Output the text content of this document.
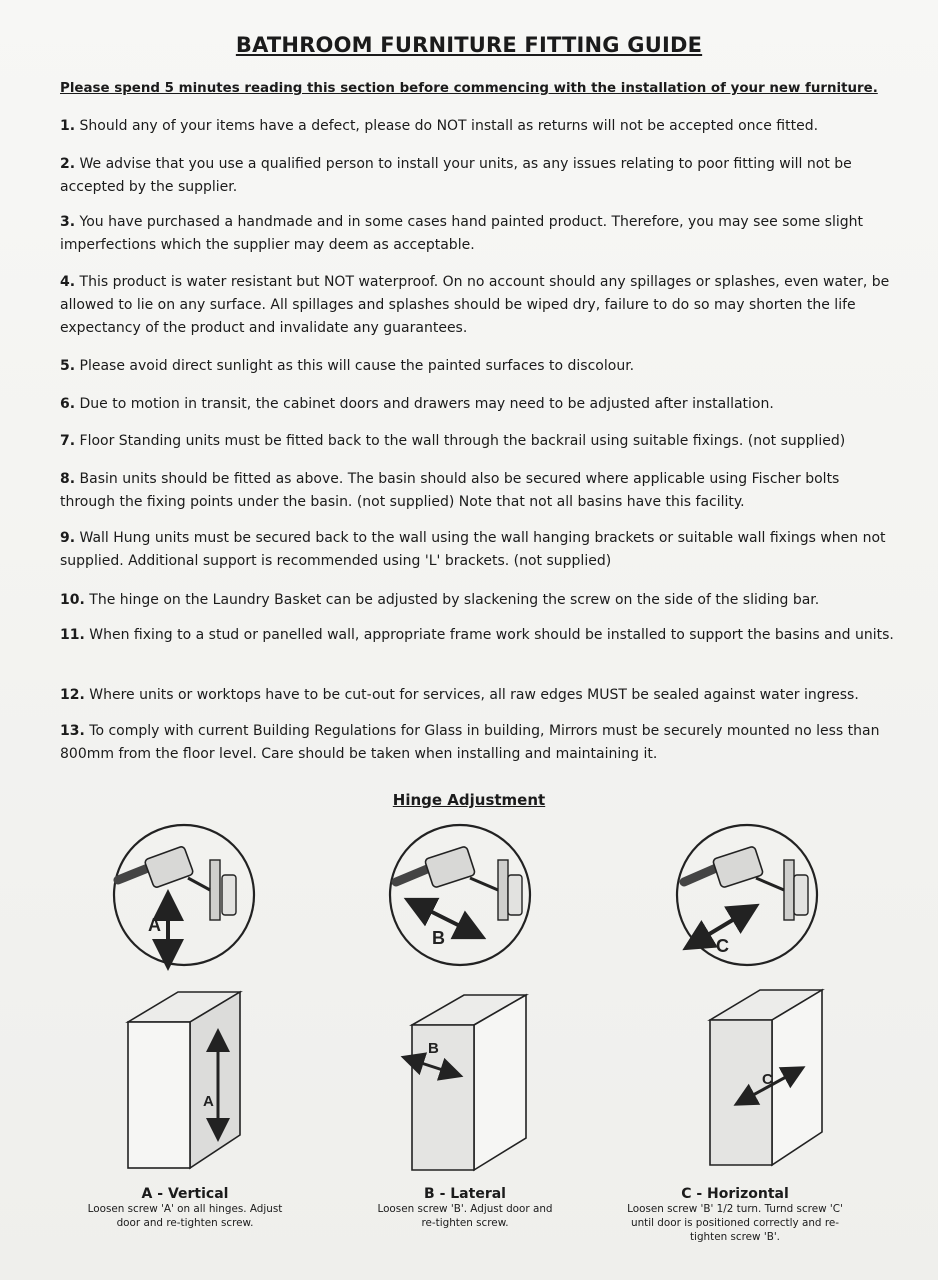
BATHROOM FURNITURE FITTING GUIDE
Please spend 5 minutes reading this section before commencing with the installation of your new furniture.
1. Should any of your items have a defect, please do NOT install as returns will not be accepted once fitted.
2. We advise that you use a qualified person to install your units, as any issues relating to poor fitting will not be accepted by the supplier.
3. You have purchased a handmade and in some cases hand painted product. Therefore, you may see some slight imperfections which the supplier may deem as acceptable.
4. This product is water resistant but NOT waterproof. On no account should any spillages or splashes, even water, be allowed to lie on any surface. All spillages and splashes should be wiped dry, failure to do so may shorten the life expectancy of the product and invalidate any guarantees.
5. Please avoid direct sunlight as this will cause the painted surfaces to discolour.
6. Due to motion in transit, the cabinet doors and drawers may need to be adjusted after installation.
7. Floor Standing units must be fitted back to the wall through the backrail using suitable fixings. (not supplied)
8. Basin units should be fitted as above. The basin should also be secured where applicable using Fischer bolts through the fixing points under the basin. (not supplied) Note that not all basins have this facility.
9. Wall Hung units must be secured back to the wall using the wall hanging brackets or suitable wall fixings when not supplied. Additional support is recommended using 'L' brackets. (not supplied)
10. The hinge on the Laundry Basket can be adjusted by slackening the screw on the side of the sliding bar.
11. When fixing to a stud or panelled wall, appropriate frame work should be installed to support the basins and units.
12. Where units or worktops have to be cut-out for services, all raw edges MUST be sealed against water ingress.
13. To comply with current Building Regulations for Glass in building, Mirrors must be securely mounted no less than 800mm from the floor level. Care should be taken when installing and maintaining it.
Hinge Adjustment
A
B	C
A
B
C
A - Vertical
Loosen screw 'A' on all hinges. Adjust door and re-tighten screw.
B - Lateral
Loosen screw 'B'. Adjust door and re-tighten screw.
C - Horizontal
Loosen screw 'B' 1/2 turn. Turnd screw 'C' until door is positioned correctly and re-tighten screw 'B'.
